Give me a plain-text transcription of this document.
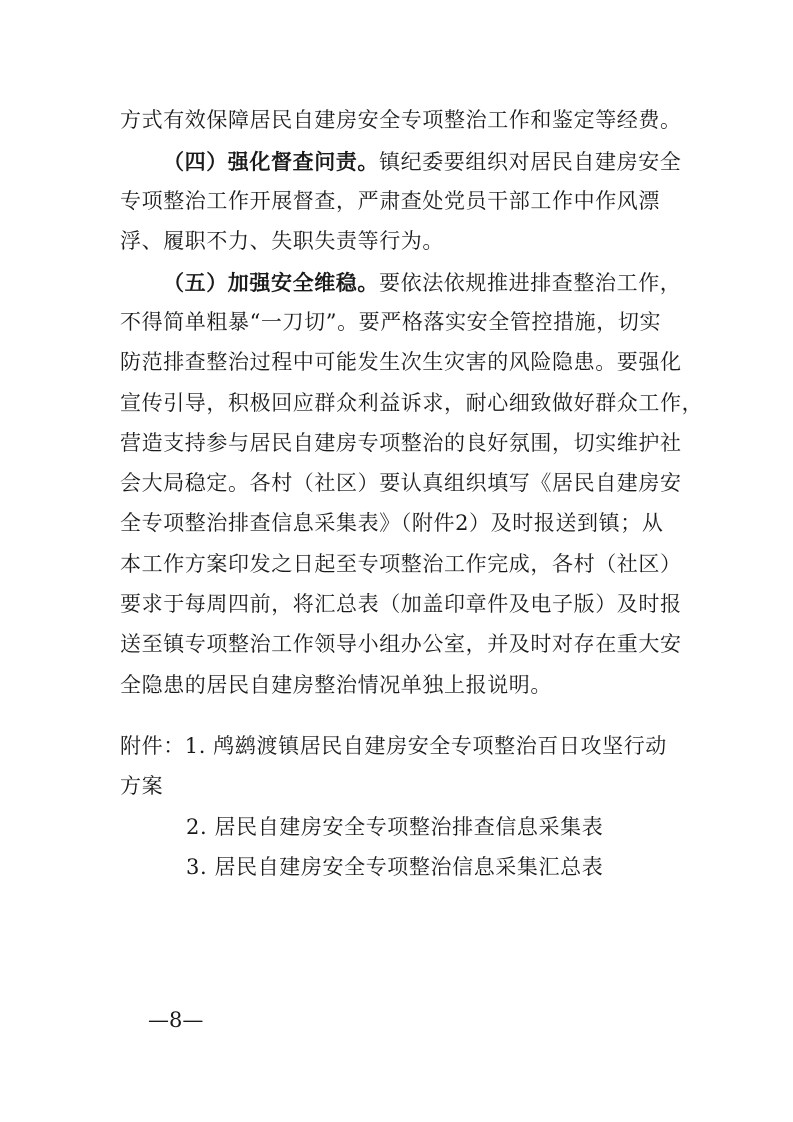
方式有效保障居民自建房安全专项整治工作和鉴定等经费。
（四）强化督查问责。镇纪委要组织对居民自建房安全
专项整治工作开展督查，严肃查处党员干部工作中作风漂
浮、履职不力、失职失责等行为。
（五）加强安全维稳。要依法依规推进排查整治工作，
不得简单粗暴“一刀切”。要严格落实安全管控措施，切实
防范排查整治过程中可能发生次生灾害的风险隐患。要强化
宣传引导，积极回应群众利益诉求，耐心细致做好群众工作，
营造支持参与居民自建房专项整治的良好氛围，切实维护社
会大局稳定。各村（社区）要认真组织填写《居民自建房安
全专项整治排查信息采集表》（附件2）及时报送到镇；从
本工作方案印发之日起至专项整治工作完成，各村（社区）
要求于每周四前，将汇总表（加盖印章件及电子版）及时报
送至镇专项整治工作领导小组办公室，并及时对存在重大安
全隐患的居民自建房整治情况单独上报说明。
附件：1. 鸬鹚渡镇居民自建房安全专项整治百日攻坚行动
方案
2. 居民自建房安全专项整治排查信息采集表
3. 居民自建房安全专项整治信息采集汇总表
—8—
